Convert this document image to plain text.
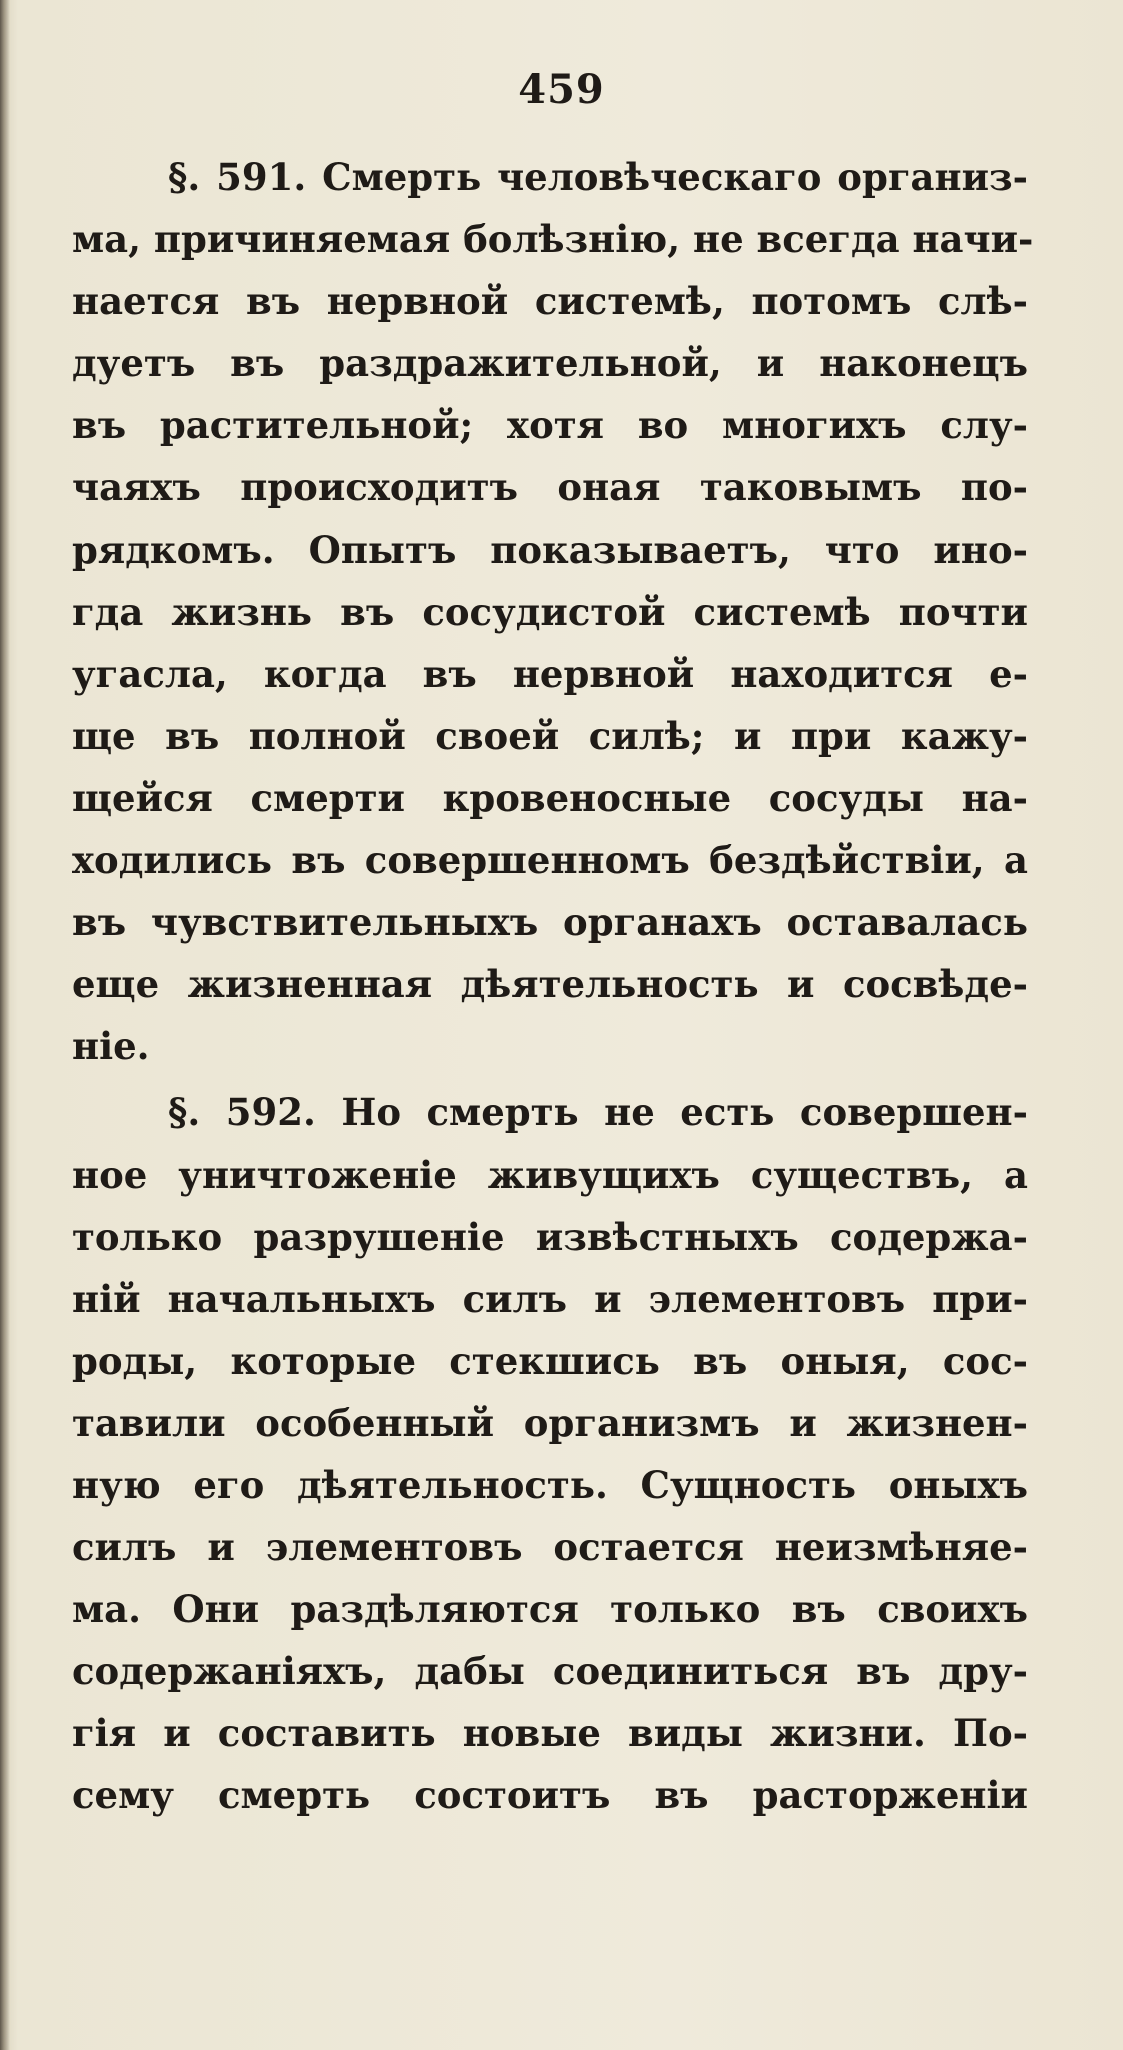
459
§. 591. Смерть человѣческаго организ-
ма, причиняемая болѣзнію, не всегда начи-
нается въ нервной системѣ, потомъ слѣ-
дуетъ въ раздражительной, и наконецъ
въ растительной; хотя во многихъ слу-
чаяхъ происходитъ оная таковымъ по-
рядкомъ. Опытъ показываетъ, что ино-
гда жизнь въ сосудистой системѣ почти
угасла, когда въ нервной находится е-
ще въ полной своей силѣ; и при кажу-
щейся смерти кровеносные сосуды на-
ходились въ совершенномъ бездѣйствіи, а
въ чувствительныхъ органахъ оставалась
еще жизненная дѣятельность и сосвѣде-
ніе.
§. 592. Но смерть не есть совершен-
ное уничтоженіе живущихъ существъ, а
только разрушеніе извѣстныхъ содержа-
ній начальныхъ силъ и элементовъ при-
роды, которые стекшись въ оныя, сос-
тавили особенный организмъ и жизнен-
ную его дѣятельность. Сущность оныхъ
силъ и элементовъ остается неизмѣняе-
ма. Они раздѣляются только въ своихъ
содержаніяхъ, дабы соединиться въ дру-
гія и составить новые виды жизни. По-
сему смерть состоитъ въ расторженіи
